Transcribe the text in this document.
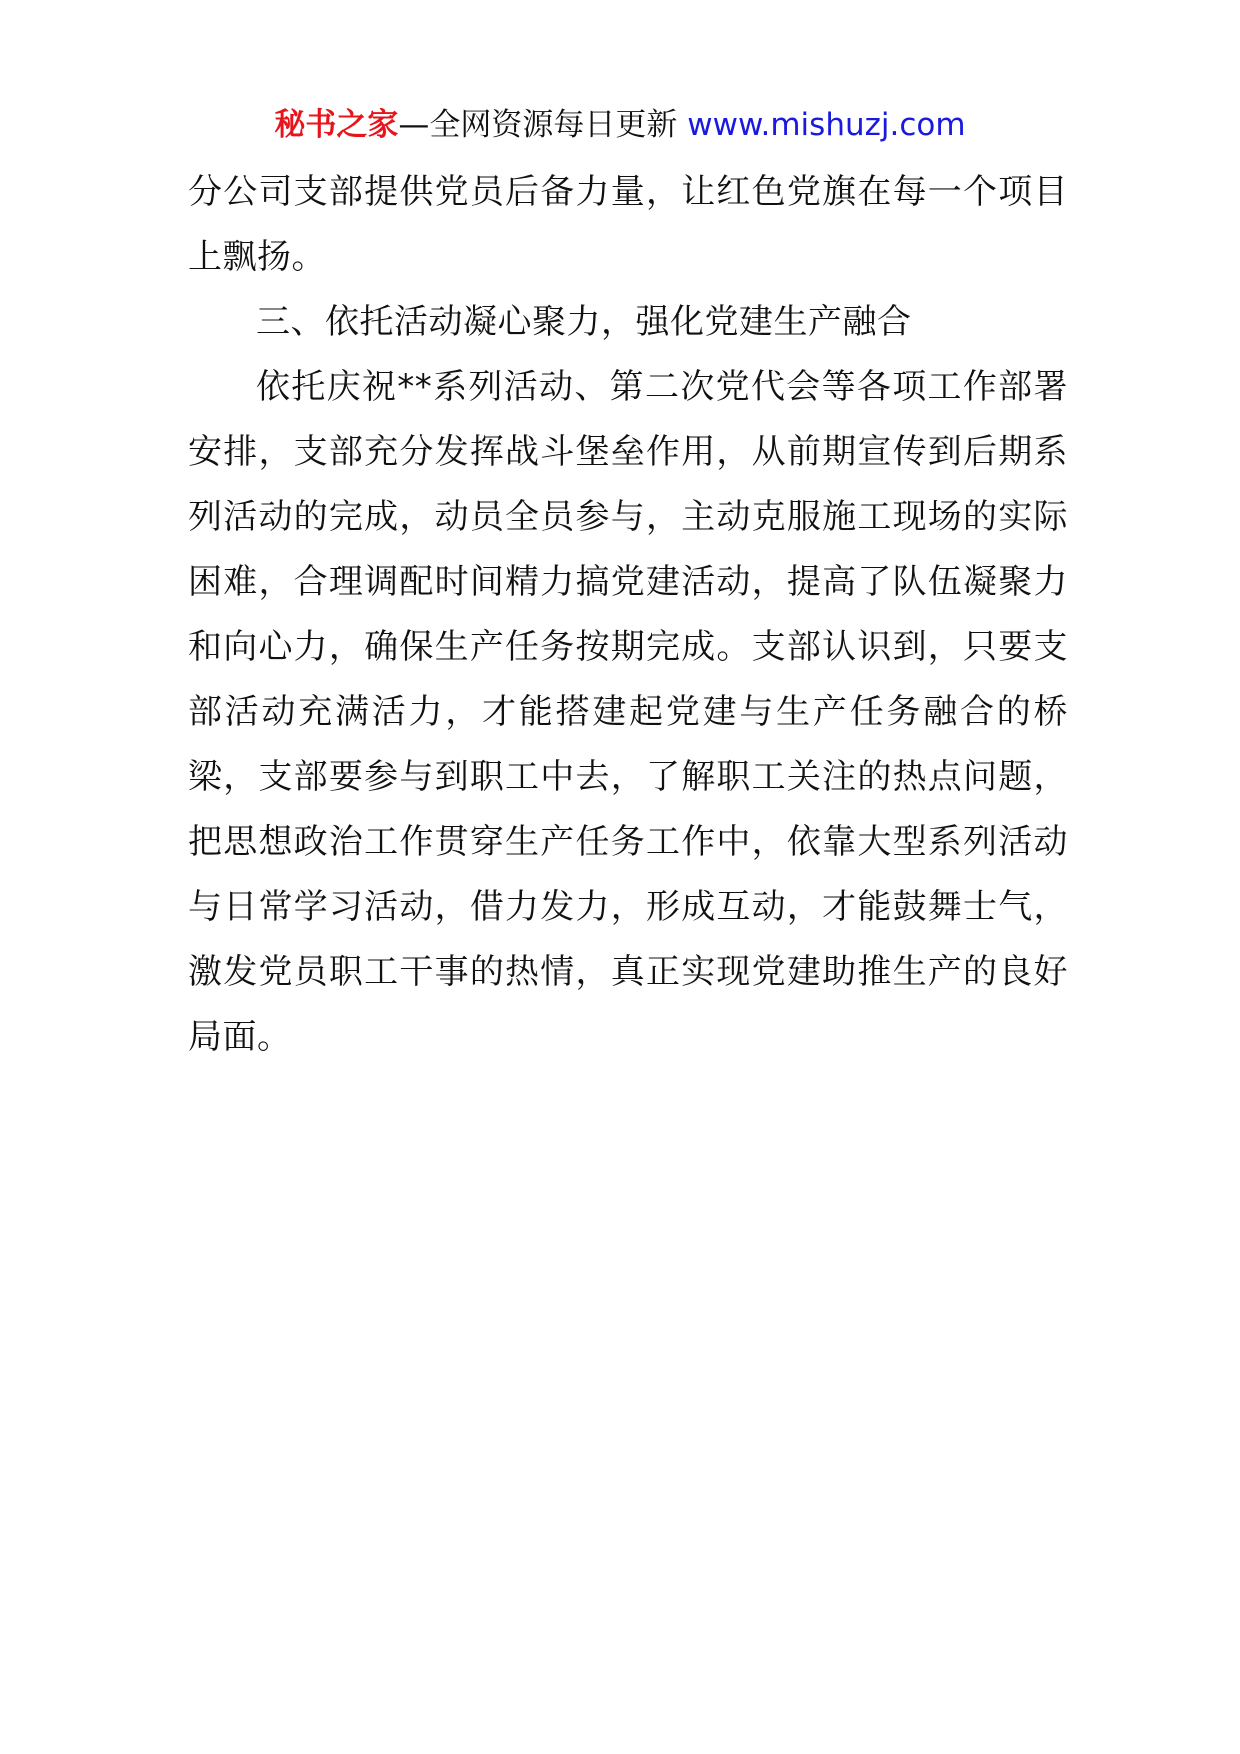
秘书之家—全网资源每日更新 www.mishuzj.com

分公司支部提供党员后备力量，让红色党旗在每一个项目上飘扬。

三、依托活动凝心聚力，强化党建生产融合

依托庆祝**系列活动、第二次党代会等各项工作部署安排，支部充分发挥战斗堡垒作用，从前期宣传到后期系列活动的完成，动员全员参与，主动克服施工现场的实际困难，合理调配时间精力搞党建活动，提高了队伍凝聚力和向心力，确保生产任务按期完成。支部认识到，只要支部活动充满活力，才能搭建起党建与生产任务融合的桥梁，支部要参与到职工中去，了解职工关注的热点问题，把思想政治工作贯穿生产任务工作中，依靠大型系列活动与日常学习活动，借力发力，形成互动，才能鼓舞士气，激发党员职工干事的热情，真正实现党建助推生产的良好局面。
